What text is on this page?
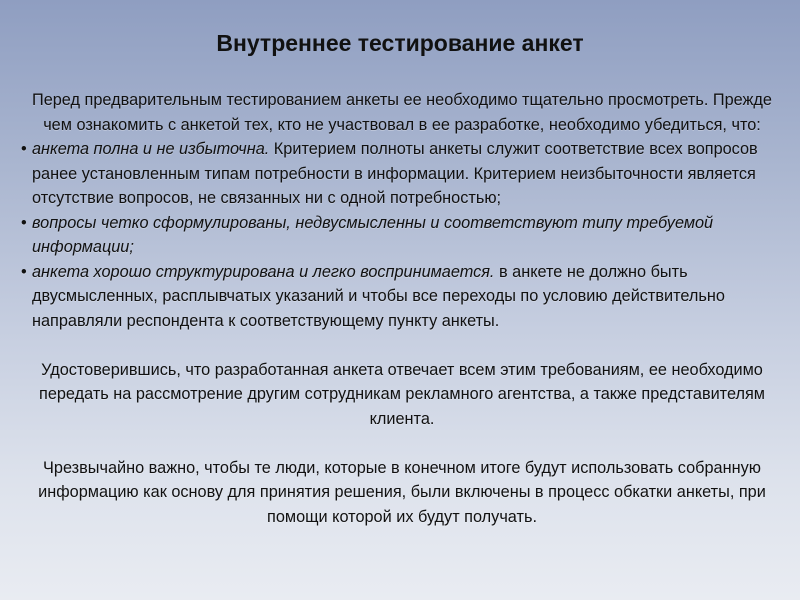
Внутреннее тестирование анкет

Перед предварительным тестированием анкеты ее необходимо тщательно просмотреть. Прежде чем ознакомить с анкетой тех, кто не участвовал в ее разработке, необходимо убедиться, что:

• анкета полна и не избыточна. Критерием полноты анкеты служит соответствие всех вопросов ранее установленным типам потребности в информации. Критерием неизбыточности является отсутствие вопросов, не связанных ни с одной потребностью;
• вопросы четко сформулированы, недвусмысленны и соответствуют типу требуемой информации;
• анкета хорошо структурирована и легко воспринимается. в анкете не должно быть двусмысленных, расплывчатых указаний и чтобы все переходы по условию действительно направляли респондента к соответствующему пункту анкеты.

Удостоверившись, что разработанная анкета отвечает всем этим требованиям, ее необходимо передать на рассмотрение другим сотрудникам рекламного агентства, а также представителям клиента.

Чрезвычайно важно, чтобы те люди, которые в конечном итоге будут использовать собранную информацию как основу для принятия решения, были включены в процесс обкатки анкеты, при помощи которой их будут получать.
